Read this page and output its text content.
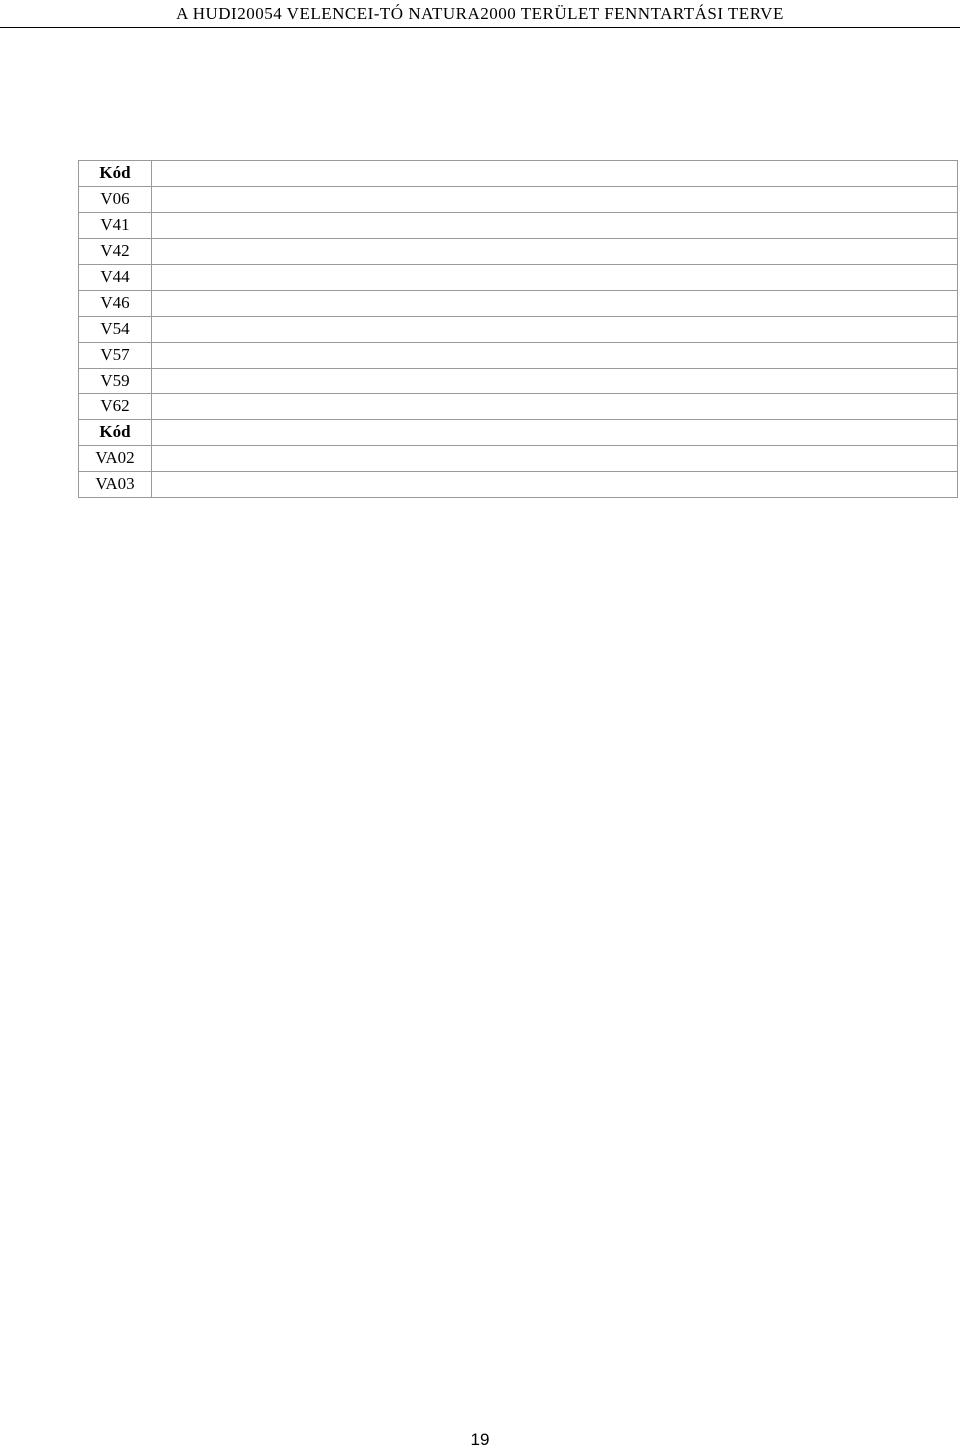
A HUDI20054 VELENCEI-TÓ NATURA2000 TERÜLET FENNTARTÁSI TERVE
Kód	
V06	
V41	
V42	
V44	
V46	
V54	
V57	
V59	
V62	
Kód	
VA02	
VA03	
19
